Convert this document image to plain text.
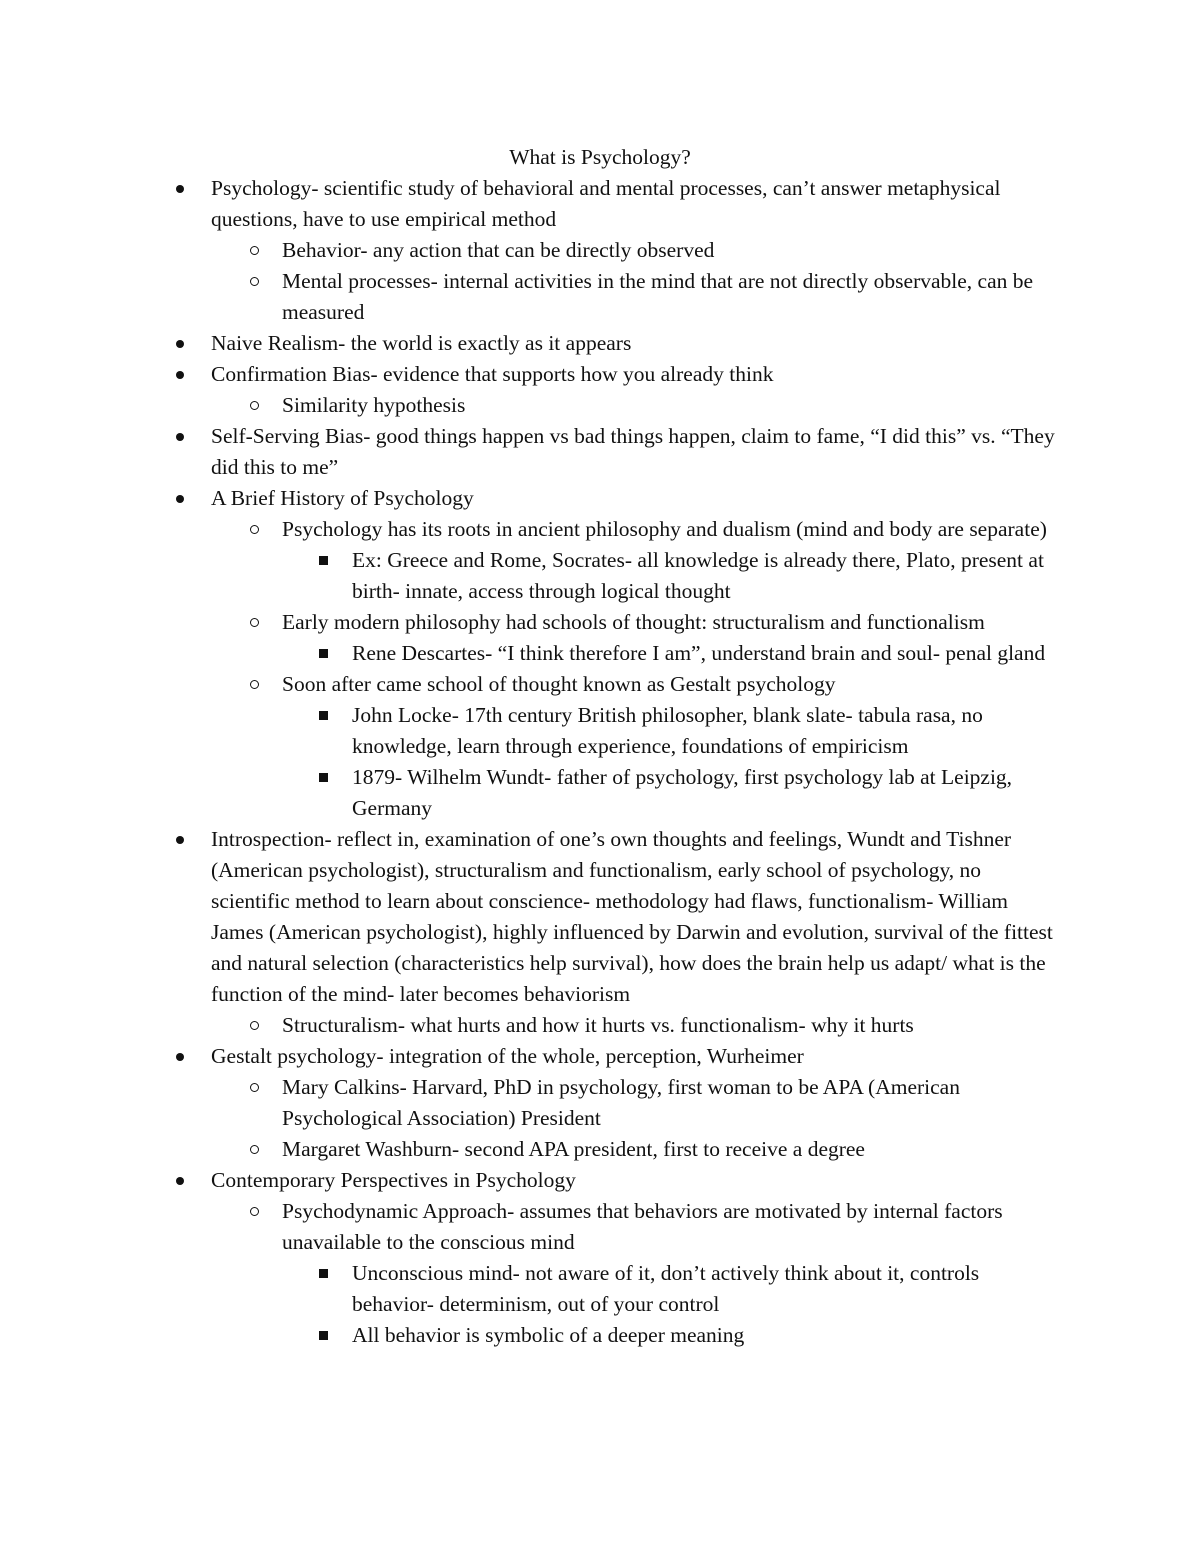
What is Psychology?
Psychology- scientific study of behavioral and mental processes, can’t answer metaphysical questions, have to use empirical method
Behavior- any action that can be directly observed
Mental processes- internal activities in the mind that are not directly observable, can be measured
Naive Realism- the world is exactly as it appears
Confirmation Bias- evidence that supports how you already think
Similarity hypothesis
Self-Serving Bias- good things happen vs bad things happen, claim to fame, “I did this” vs. “They did this to me”
A Brief History of Psychology
Psychology has its roots in ancient philosophy and dualism (mind and body are separate)
Ex: Greece and Rome, Socrates- all knowledge is already there, Plato, present at birth- innate, access through logical thought
Early modern philosophy had schools of thought: structuralism and functionalism
Rene Descartes- “I think therefore I am”, understand brain and soul- penal gland
Soon after came school of thought known as Gestalt psychology
John Locke- 17th century British philosopher, blank slate- tabula rasa, no knowledge, learn through experience, foundations of empiricism
1879- Wilhelm Wundt- father of psychology, first psychology lab at Leipzig, Germany
Introspection- reflect in, examination of one’s own thoughts and feelings, Wundt and Tishner (American psychologist), structuralism and functionalism, early school of psychology, no scientific method to learn about conscience- methodology had flaws, functionalism- William James (American psychologist), highly influenced by Darwin and evolution, survival of the fittest and natural selection (characteristics help survival), how does the brain help us adapt/ what is the function of the mind- later becomes behaviorism
Structuralism- what hurts and how it hurts vs. functionalism- why it hurts
Gestalt psychology- integration of the whole, perception, Wurheimer
Mary Calkins- Harvard, PhD in psychology, first woman to be APA (American Psychological Association) President
Margaret Washburn- second APA president, first to receive a degree
Contemporary Perspectives in Psychology
Psychodynamic Approach- assumes that behaviors are motivated by internal factors unavailable to the conscious mind
Unconscious mind- not aware of it, don’t actively think about it, controls behavior- determinism, out of your control
All behavior is symbolic of a deeper meaning
